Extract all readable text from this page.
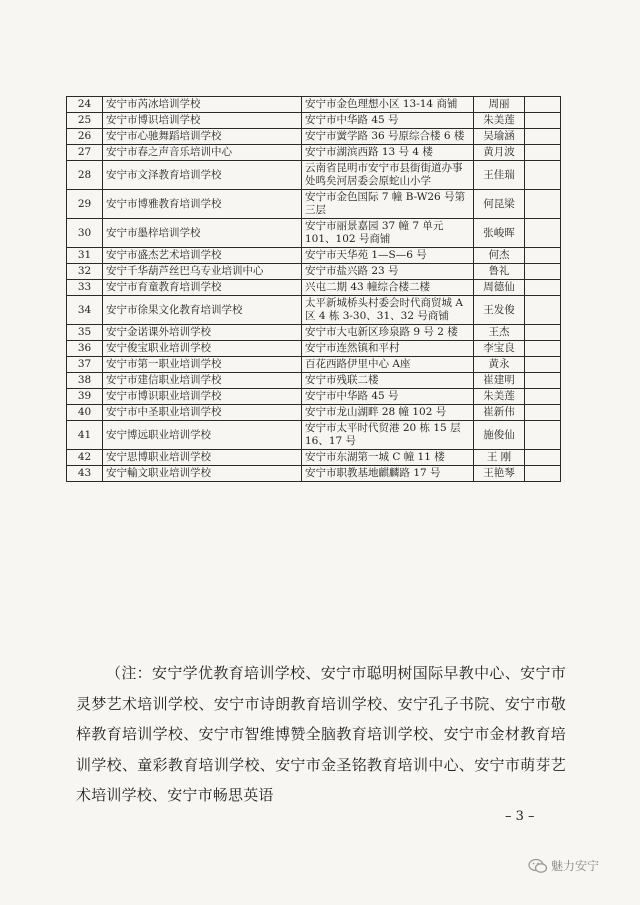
24	安宁市芮冰培训学校	安宁市金色理想小区 13-14 商铺	周丽	
25	安宁市博识培训学校	安宁市中华路 45 号	朱美莲	
26	安宁市心驰舞蹈培训学校	安宁市黉学路 36 号原综合楼 6 楼	吴瑜涵	
27	安宁市春之声音乐培训中心	安宁市湖滨西路 13 号 4 楼	黄月波	
28	安宁市文泽教育培训学校	云南省昆明市安宁市县街街道办事处鸣矣河居委会原蛇山小学	王佳瑞	
29	安宁市博雅教育培训学校	安宁市金色国际 7 幢 B-W26 号第三层	何昆梁	
30	安宁市墨梓培训学校	安宁市丽景嘉园 37 幢 7 单元 101、102 号商铺	张峻晖	
31	安宁市盛杰艺术培训学校	安宁市天华苑 1—S—6 号	何杰	
32	安宁千华葫芦丝巴乌专业培训中心	安宁市盐兴路 23 号	鲁礼	
33	安宁市育童教育培训学校	兴屯二期 43 幢综合楼二楼	周德仙	
34	安宁市徐果文化教育培训学校	太平新城桥头村委会时代商贸城 A 区 4 栋 3-30、31、32 号商铺	王发俊	
35	安宁金诺课外培训学校	安宁市大屯新区珍泉路 9 号 2 楼	王杰	
36	安宁俊宝职业培训学校	安宁市连然镇和平村	李宝良	
37	安宁市第一职业培训学校	百花西路伊里中心 A座	黄永	
38	安宁市建信职业培训学校	安宁市残联二楼	崔建明	
39	安宁市博识职业培训学校	安宁市中华路 45 号	朱美莲	
40	安宁市中圣职业培训学校	安宁市龙山湖畔 28 幢 102 号	崔新伟	
41	安宁博远职业培训学校	安宁市太平时代贸港 20 栋 15 层 16、17 号	施俊仙	
42	安宁思博职业培训学校	安宁市东湖第一城 C 幢 11 楼	王 刚	
43	安宁輸文职业培训学校	安宁市职教基地麒麟路 17 号	王艳琴	

（注：安宁学优教育培训学校、安宁市聪明树国际早教中心、安宁市灵梦艺术培训学校、安宁市诗朗教育培训学校、安宁孔子书院、安宁市敬梓教育培训学校、安宁市智维博赞全脑教育培训学校、安宁市金材教育培训学校、童彩教育培训学校、安宁市金圣铭教育培训中心、安宁市萌芽艺术培训学校、安宁市畅思英语

– 3 –
魅力安宁
